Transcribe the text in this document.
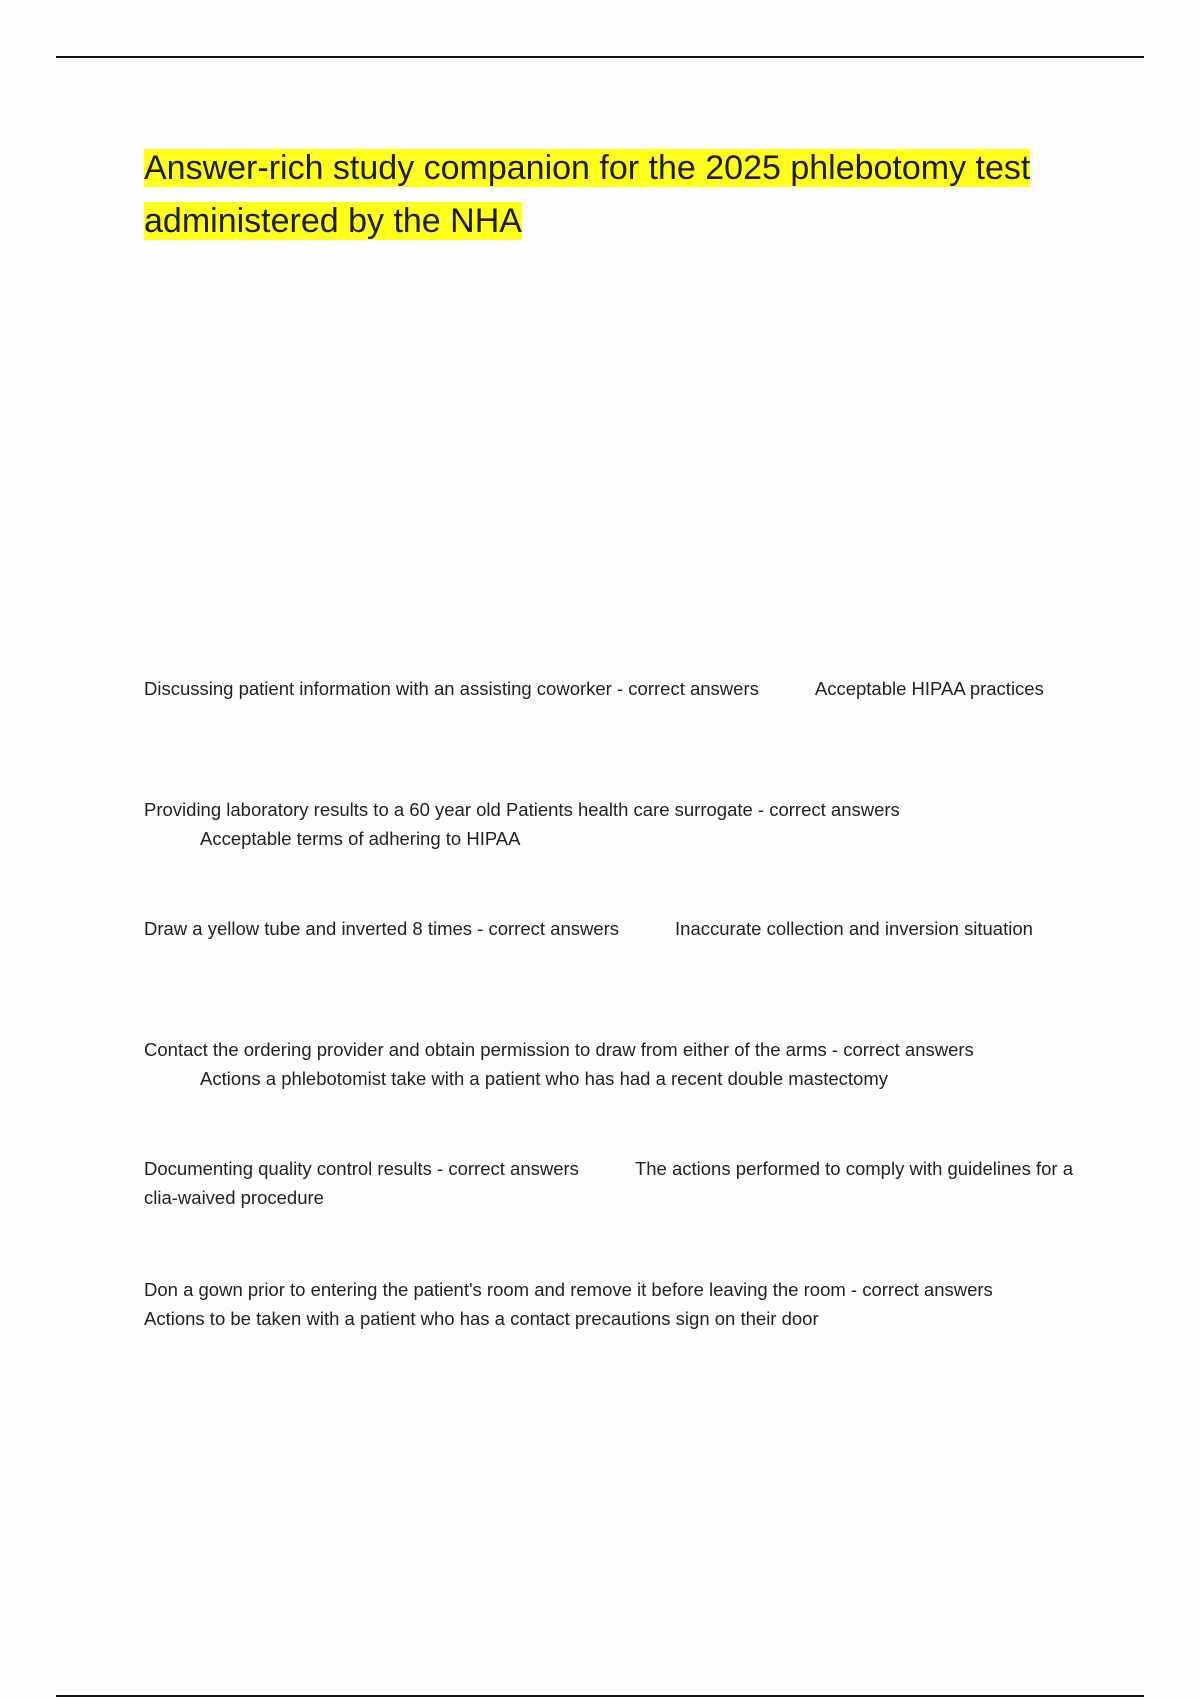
Answer-rich study companion for the 2025 phlebotomy test administered by the NHA

Discussing patient information with an assisting coworker - correct answers	Acceptable HIPAA practices

Providing laboratory results to a 60 year old Patients health care surrogate - correct answers
Acceptable terms of adhering to HIPAA

Draw a yellow tube and inverted 8 times - correct answers	Inaccurate collection and inversion situation

Contact the ordering provider and obtain permission to draw from either of the arms - correct answers
Actions a phlebotomist take with a patient who has had a recent double mastectomy

Documenting quality control results - correct answers	The actions performed to comply with guidelines for a clia-waived procedure

Don a gown prior to entering the patient's room and remove it before leaving the room - correct answersActions to be taken with a patient who has a contact precautions sign on their door
